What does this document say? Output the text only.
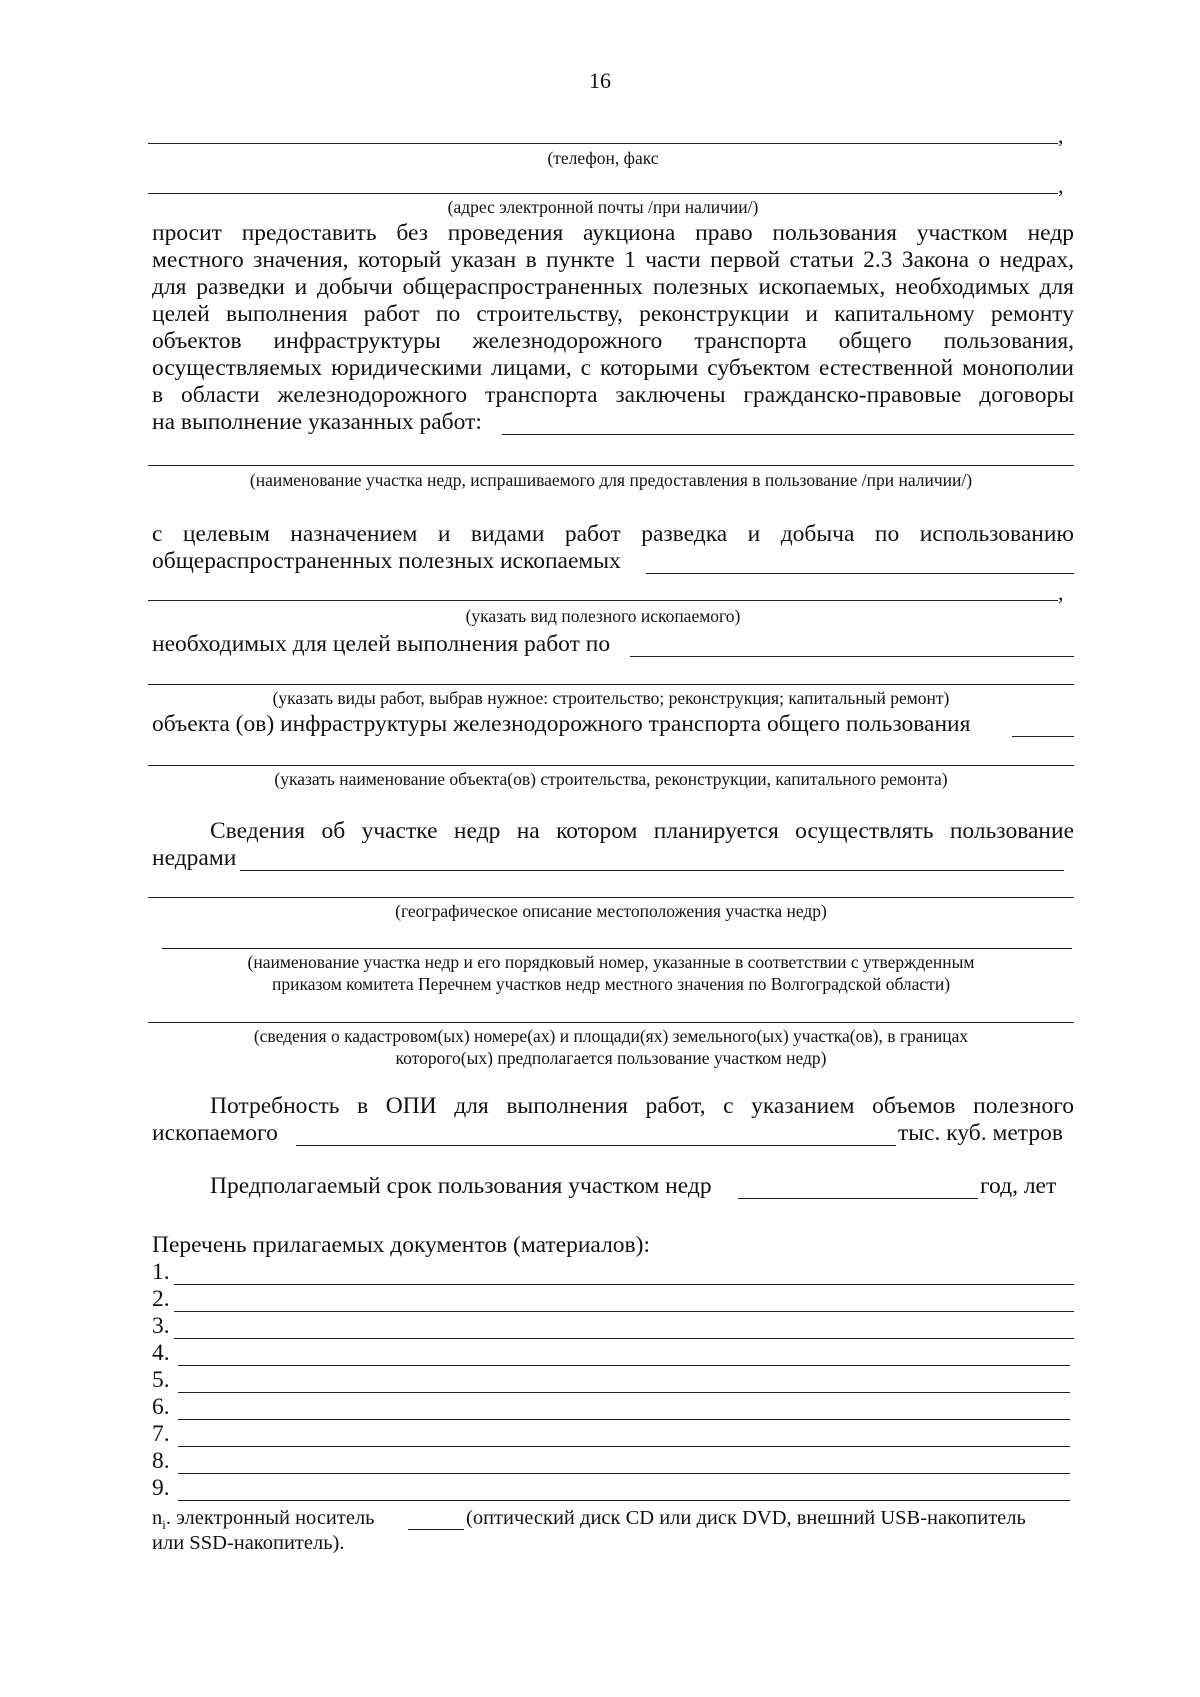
16
,
(телефон, факс
,
(адрес электронной почты /при наличии/)
просит предоставить без проведения аукциона право пользования участком недр
местного значения, который указан в пункте 1 части первой статьи 2.3 Закона о недрах,
для разведки и добычи общераспространенных полезных ископаемых, необходимых для
целей выполнения работ по строительству, реконструкции и капитальному ремонту
объектов инфраструктуры железнодорожного транспорта общего пользования,
осуществляемых юридическими лицами, с которыми субъектом естественной монополии
в области железнодорожного транспорта заключены гражданско-правовые договоры
на выполнение указанных работ:
(наименование участка недр, испрашиваемого для предоставления в пользование /при наличии/)
с целевым назначением и видами работ разведка и добыча по использованию
общераспространенных полезных ископаемых
,
(указать вид полезного ископаемого)
необходимых для целей выполнения работ по
(указать виды работ, выбрав нужное: строительство; реконструкция; капитальный ремонт)
объекта (ов) инфраструктуры железнодорожного транспорта общего пользования
(указать наименование объекта(ов) строительства, реконструкции, капитального ремонта)
Сведения об участке недр на котором планируется осуществлять пользование
недрами
(географическое описание местоположения участка недр)
(наименование участка недр и его порядковый номер, указанные в соответствии с утвержденным
приказом комитета Перечнем участков недр местного значения по Волгоградской области)
(сведения о кадастровом(ых) номере(ах) и площади(ях) земельного(ых) участка(ов), в границах
которого(ых) предполагается пользование участком недр)
Потребность в ОПИ для выполнения работ, с указанием объемов полезного
ископаемого	тыс. куб. метров
Предполагаемый срок пользования участком недр	год, лет
Перечень прилагаемых документов (материалов):
1.
2.
3.
4.
5.
6.
7.
8.
9.
$n_i$. электронный носитель	(оптический диск CD или диск DVD, внешний USB-накопитель
или SSD-накопитель).
